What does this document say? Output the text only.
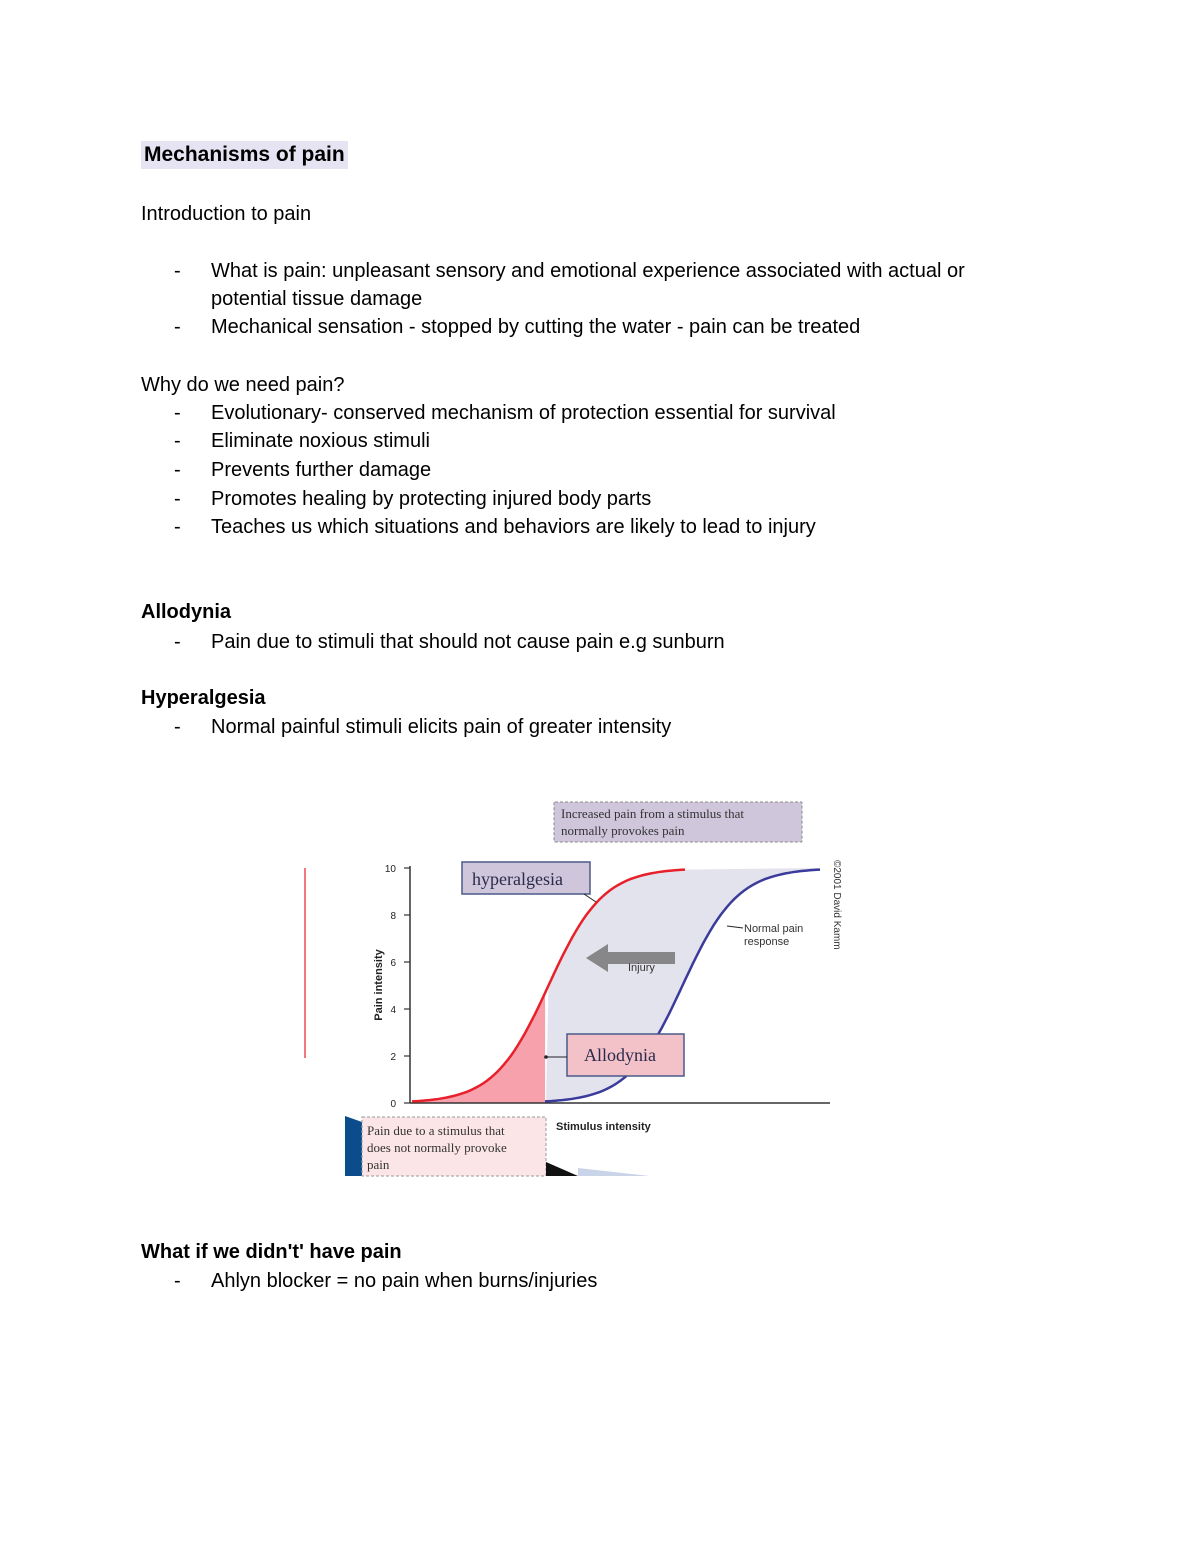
Mechanisms of pain
Introduction to pain
- What is pain: unpleasant sensory and emotional experience associated with actual or
potential tissue damage
- Mechanical sensation - stopped by cutting the water - pain can be treated
Why do we need pain?
- Evolutionary- conserved mechanism of protection essential for survival
- Eliminate noxious stimuli
- Prevents further damage
- Promotes healing by protecting injured body parts
- Teaches us which situations and behaviors are likely to lead to injury
Allodynia
- Pain due to stimuli that should not cause pain e.g sunburn
Hyperalgesia
- Normal painful stimuli elicits pain of greater intensity
Increased pain from a stimulus that
normally provokes pain
0
2
4
6
8
10
Pain intensity
Stimulus intensity
hyperalgesia
Injury
Normal pain
response
Allodynia
©2001 David Kamm
Pain due to a stimulus that
does not normally provoke
pain
What if we didn't' have pain
- Ahlyn blocker = no pain when burns/injuries
